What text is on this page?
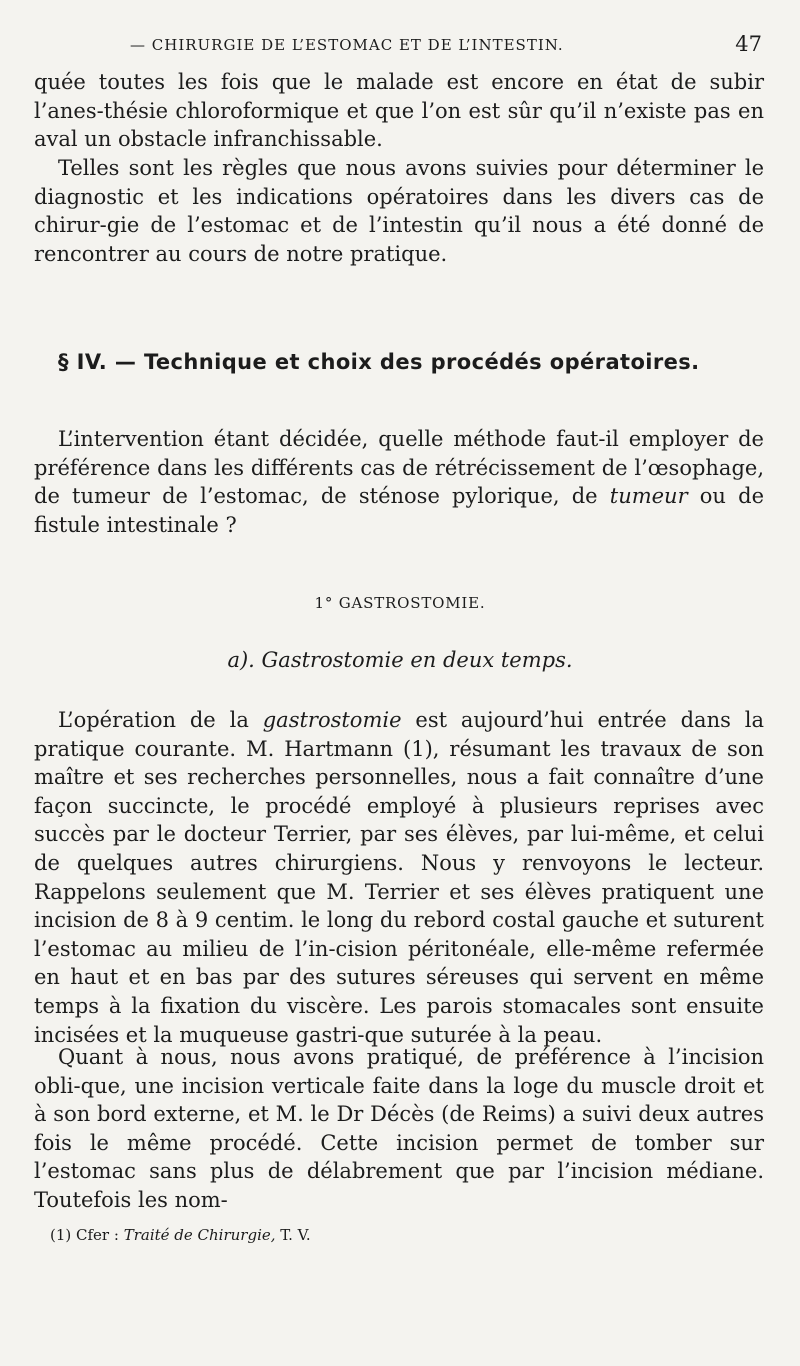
— CHIRURGIE DE L’ESTOMAC ET DE L’INTESTIN.	47

quée toutes les fois que le malade est encore en état de subir l’anes-thésie chloroformique et que l’on est sûr qu’il n’existe pas en aval un obstacle infranchissable.

Telles sont les règles que nous avons suivies pour déterminer le diagnostic et les indications opératoires dans les divers cas de chirur-gie de l’estomac et de l’intestin qu’il nous a été donné de rencontrer au cours de notre pratique.

§ IV. — Technique et choix des procédés opératoires.

L’intervention étant décidée, quelle méthode faut-il employer de préférence dans les différents cas de rétrécissement de l’œsophage, de tumeur de l’estomac, de sténose pylorique, de tumeur ou de fistule intestinale ?

1° GASTROSTOMIE.
a). Gastrostomie en deux temps.

L’opération de la gastrostomie est aujourd’hui entrée dans la pratique courante. M. Hartmann (1), résumant les travaux de son maître et ses recherches personnelles, nous a fait connaître d’une façon succincte, le procédé employé à plusieurs reprises avec succès par le docteur Terrier, par ses élèves, par lui-même, et celui de quelques autres chirurgiens. Nous y renvoyons le lecteur. Rappelons seulement que M. Terrier et ses élèves pratiquent une incision de 8 à 9 centim. le long du rebord costal gauche et suturent l’estomac au milieu de l’in-cision péritonéale, elle-même refermée en haut et en bas par des sutures séreuses qui servent en même temps à la fixation du viscère. Les parois stomacales sont ensuite incisées et la muqueuse gastri-que suturée à la peau.

Quant à nous, nous avons pratiqué, de préférence à l’incision obli-que, une incision verticale faite dans la loge du muscle droit et à son bord externe, et M. le Dr Décès (de Reims) a suivi deux autres fois le même procédé. Cette incision permet de tomber sur l’estomac sans plus de délabrement que par l’incision médiane. Toutefois les nom-

(1) Cfer : Traité de Chirurgie, T. V.
